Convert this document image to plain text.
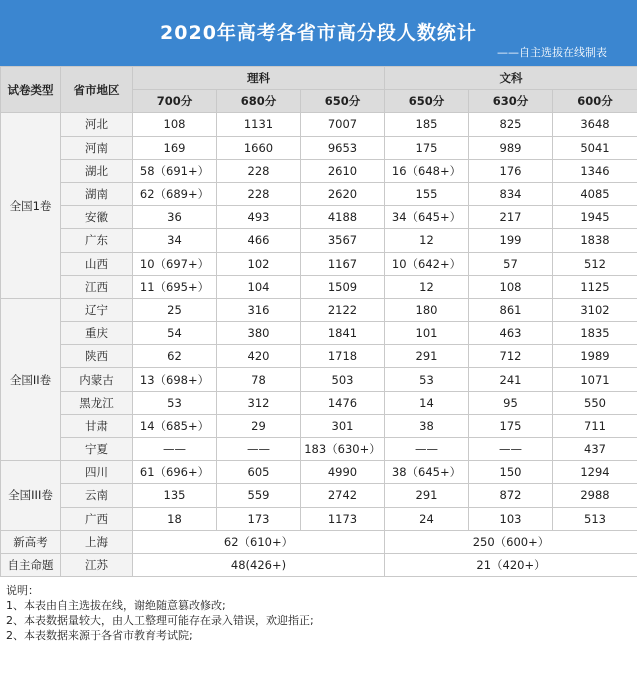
2020年高考各省市高分段人数统计
——自主选拔在线制表
试卷类型	省市地区	理科			文科		
		700分	680分	650分	650分	630分	600分
全国1卷	河北	108	1131	7007	185	825	3648
	河南	169	1660	9653	175	989	5041
	湖北	58（691+）	228	2610	16（648+）	176	1346
	湖南	62（689+）	228	2620	155	834	4085
	安徽	36	493	4188	34（645+）	217	1945
	广东	34	466	3567	12	199	1838
	山西	10（697+）	102	1167	10（642+）	57	512
	江西	11（695+）	104	1509	12	108	1125
全国II卷	辽宁	25	316	2122	180	861	3102
	重庆	54	380	1841	101	463	1835
	陕西	62	420	1718	291	712	1989
	内蒙古	13（698+）	78	503	53	241	1071
	黑龙江	53	312	1476	14	95	550
	甘肃	14（685+）	29	301	38	175	711
	宁夏	——	——	183（630+）	——	——	437
全国III卷	四川	61（696+）	605	4990	38（645+）	150	1294
	云南	135	559	2742	291	872	2988
	广西	18	173	1173	24	103	513
新高考	上海	62（610+）			250（600+）		
自主命题	江苏	48(426+)			21（420+）		
说明：
1、本表由自主选拔在线，谢绝随意篡改修改;
2、本表数据量较大，由人工整理可能存在录入错误，欢迎指正;
2、本表数据来源于各省市教育考试院;
